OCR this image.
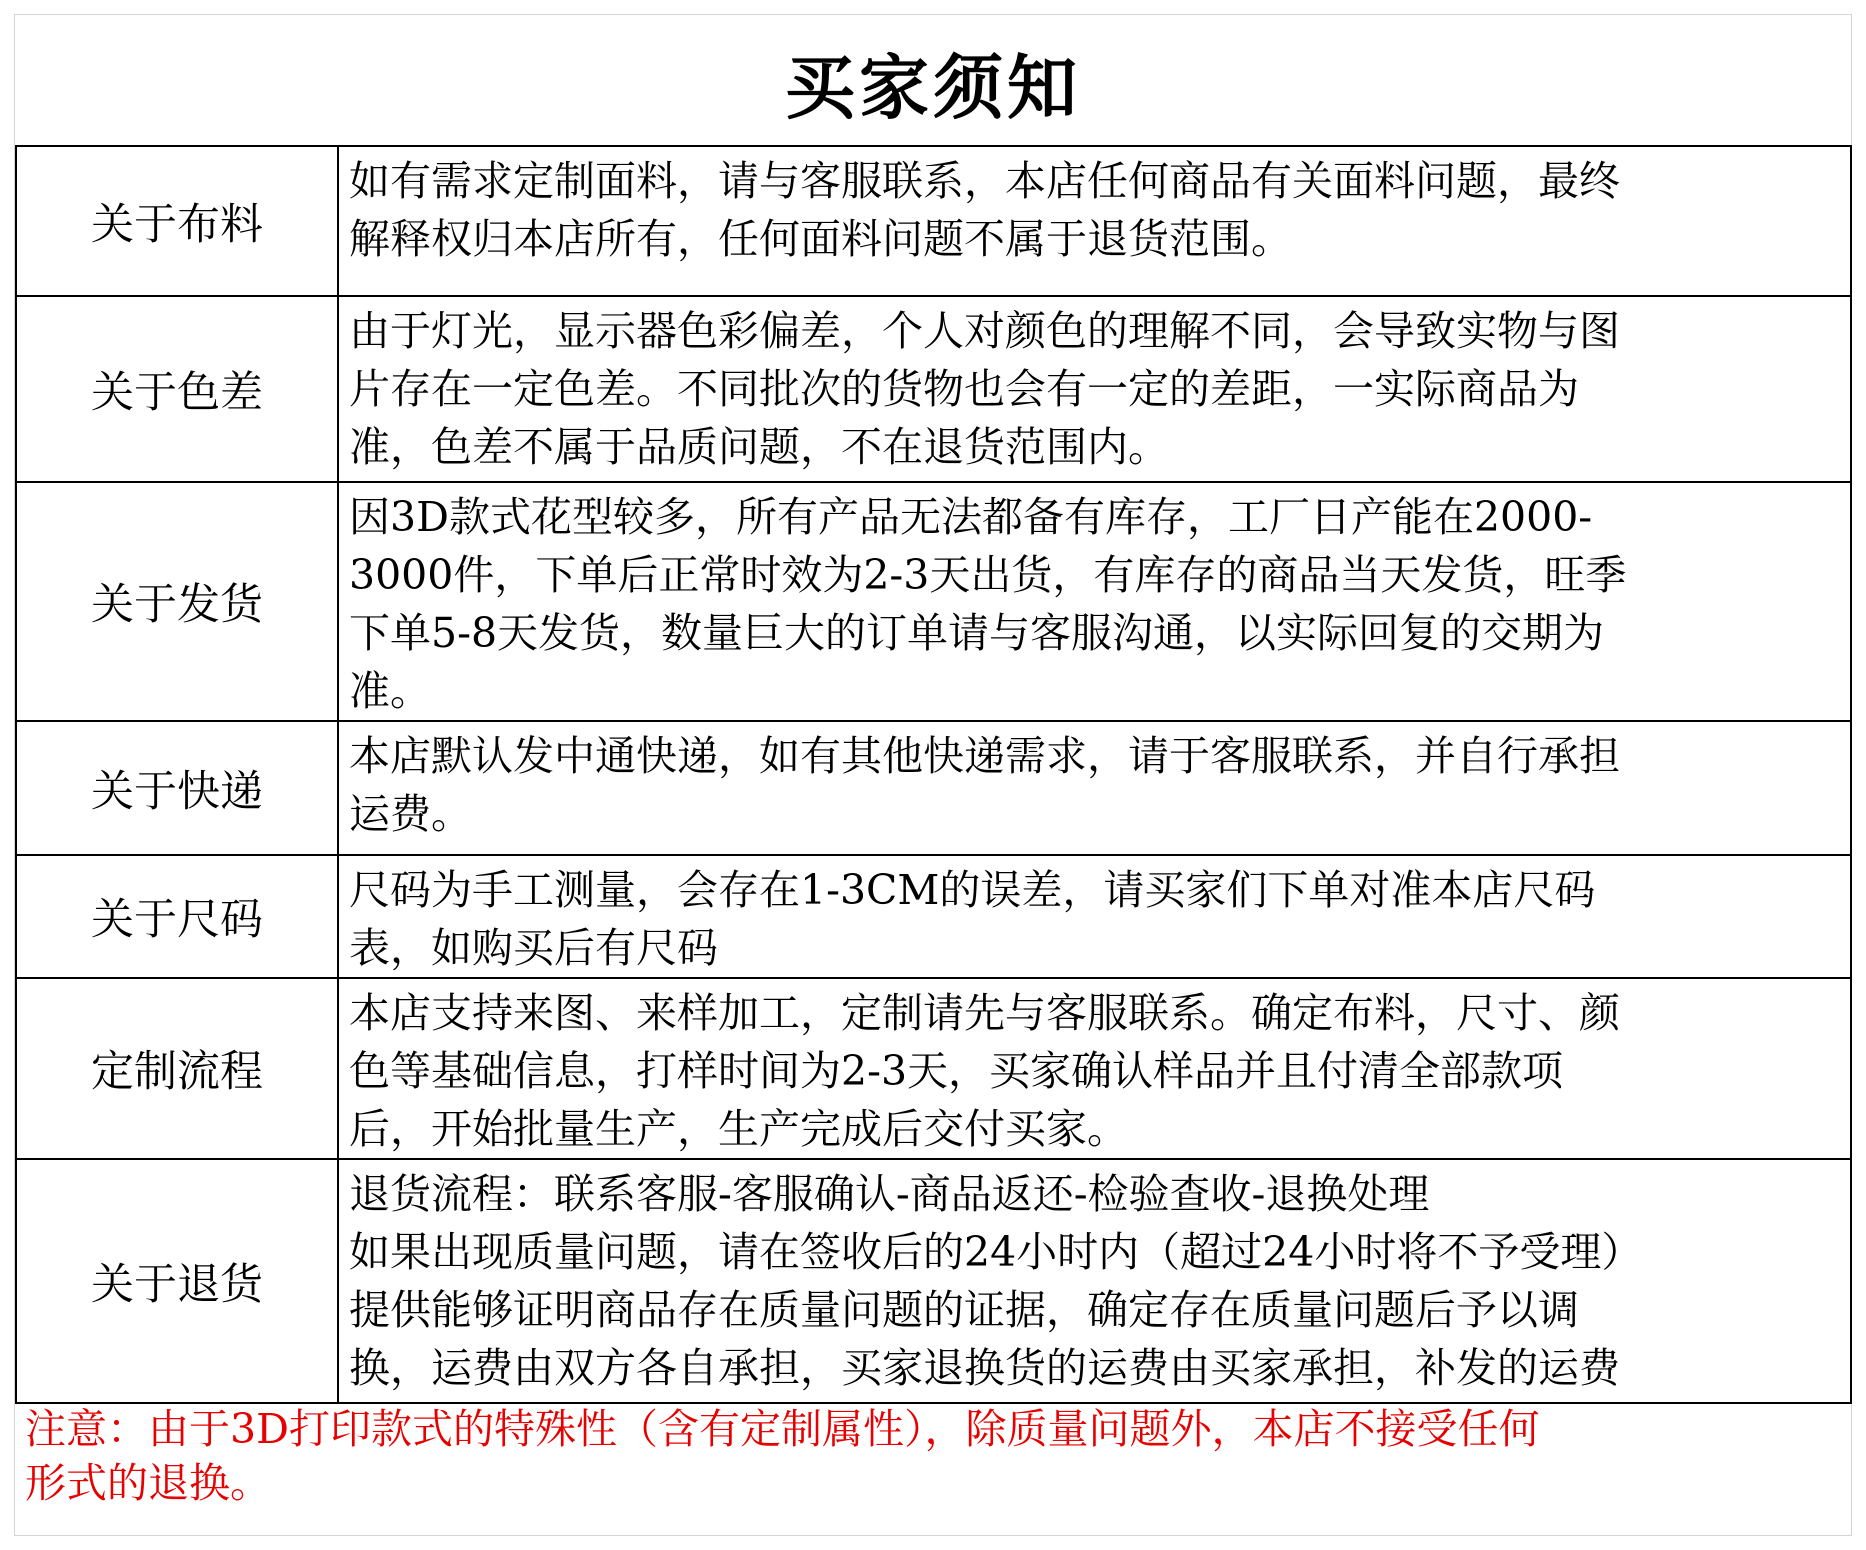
买家须知
关于布料	如有需求定制面料，请与客服联系，本店任何商品有关面料问题，最终
解释权归本店所有，任何面料问题不属于退货范围。
关于色差	由于灯光，显示器色彩偏差，个人对颜色的理解不同，会导致实物与图
片存在一定色差。不同批次的货物也会有一定的差距，一实际商品为
准，色差不属于品质问题，不在退货范围内。
关于发货	因3D款式花型较多，所有产品无法都备有库存，工厂日产能在2000-
3000件，下单后正常时效为2-3天出货，有库存的商品当天发货，旺季
下单5-8天发货，数量巨大的订单请与客服沟通，以实际回复的交期为
准。
关于快递	本店默认发中通快递，如有其他快递需求，请于客服联系，并自行承担
运费。
关于尺码	尺码为手工测量，会存在1-3CM的误差，请买家们下单对准本店尺码
表，如购买后有尺码
定制流程	本店支持来图、来样加工，定制请先与客服联系。确定布料，尺寸、颜
色等基础信息，打样时间为2-3天，买家确认样品并且付清全部款项
后，开始批量生产，生产完成后交付买家。
关于退货	退货流程：联系客服-客服确认-商品返还-检验查收-退换处理
如果出现质量问题，请在签收后的24小时内（超过24小时将不予受理）
提供能够证明商品存在质量问题的证据，确定存在质量问题后予以调
换，运费由双方各自承担，买家退换货的运费由买家承担，补发的运费
注意：由于3D打印款式的特殊性（含有定制属性），除质量问题外，本店不接受任何
形式的退换。
